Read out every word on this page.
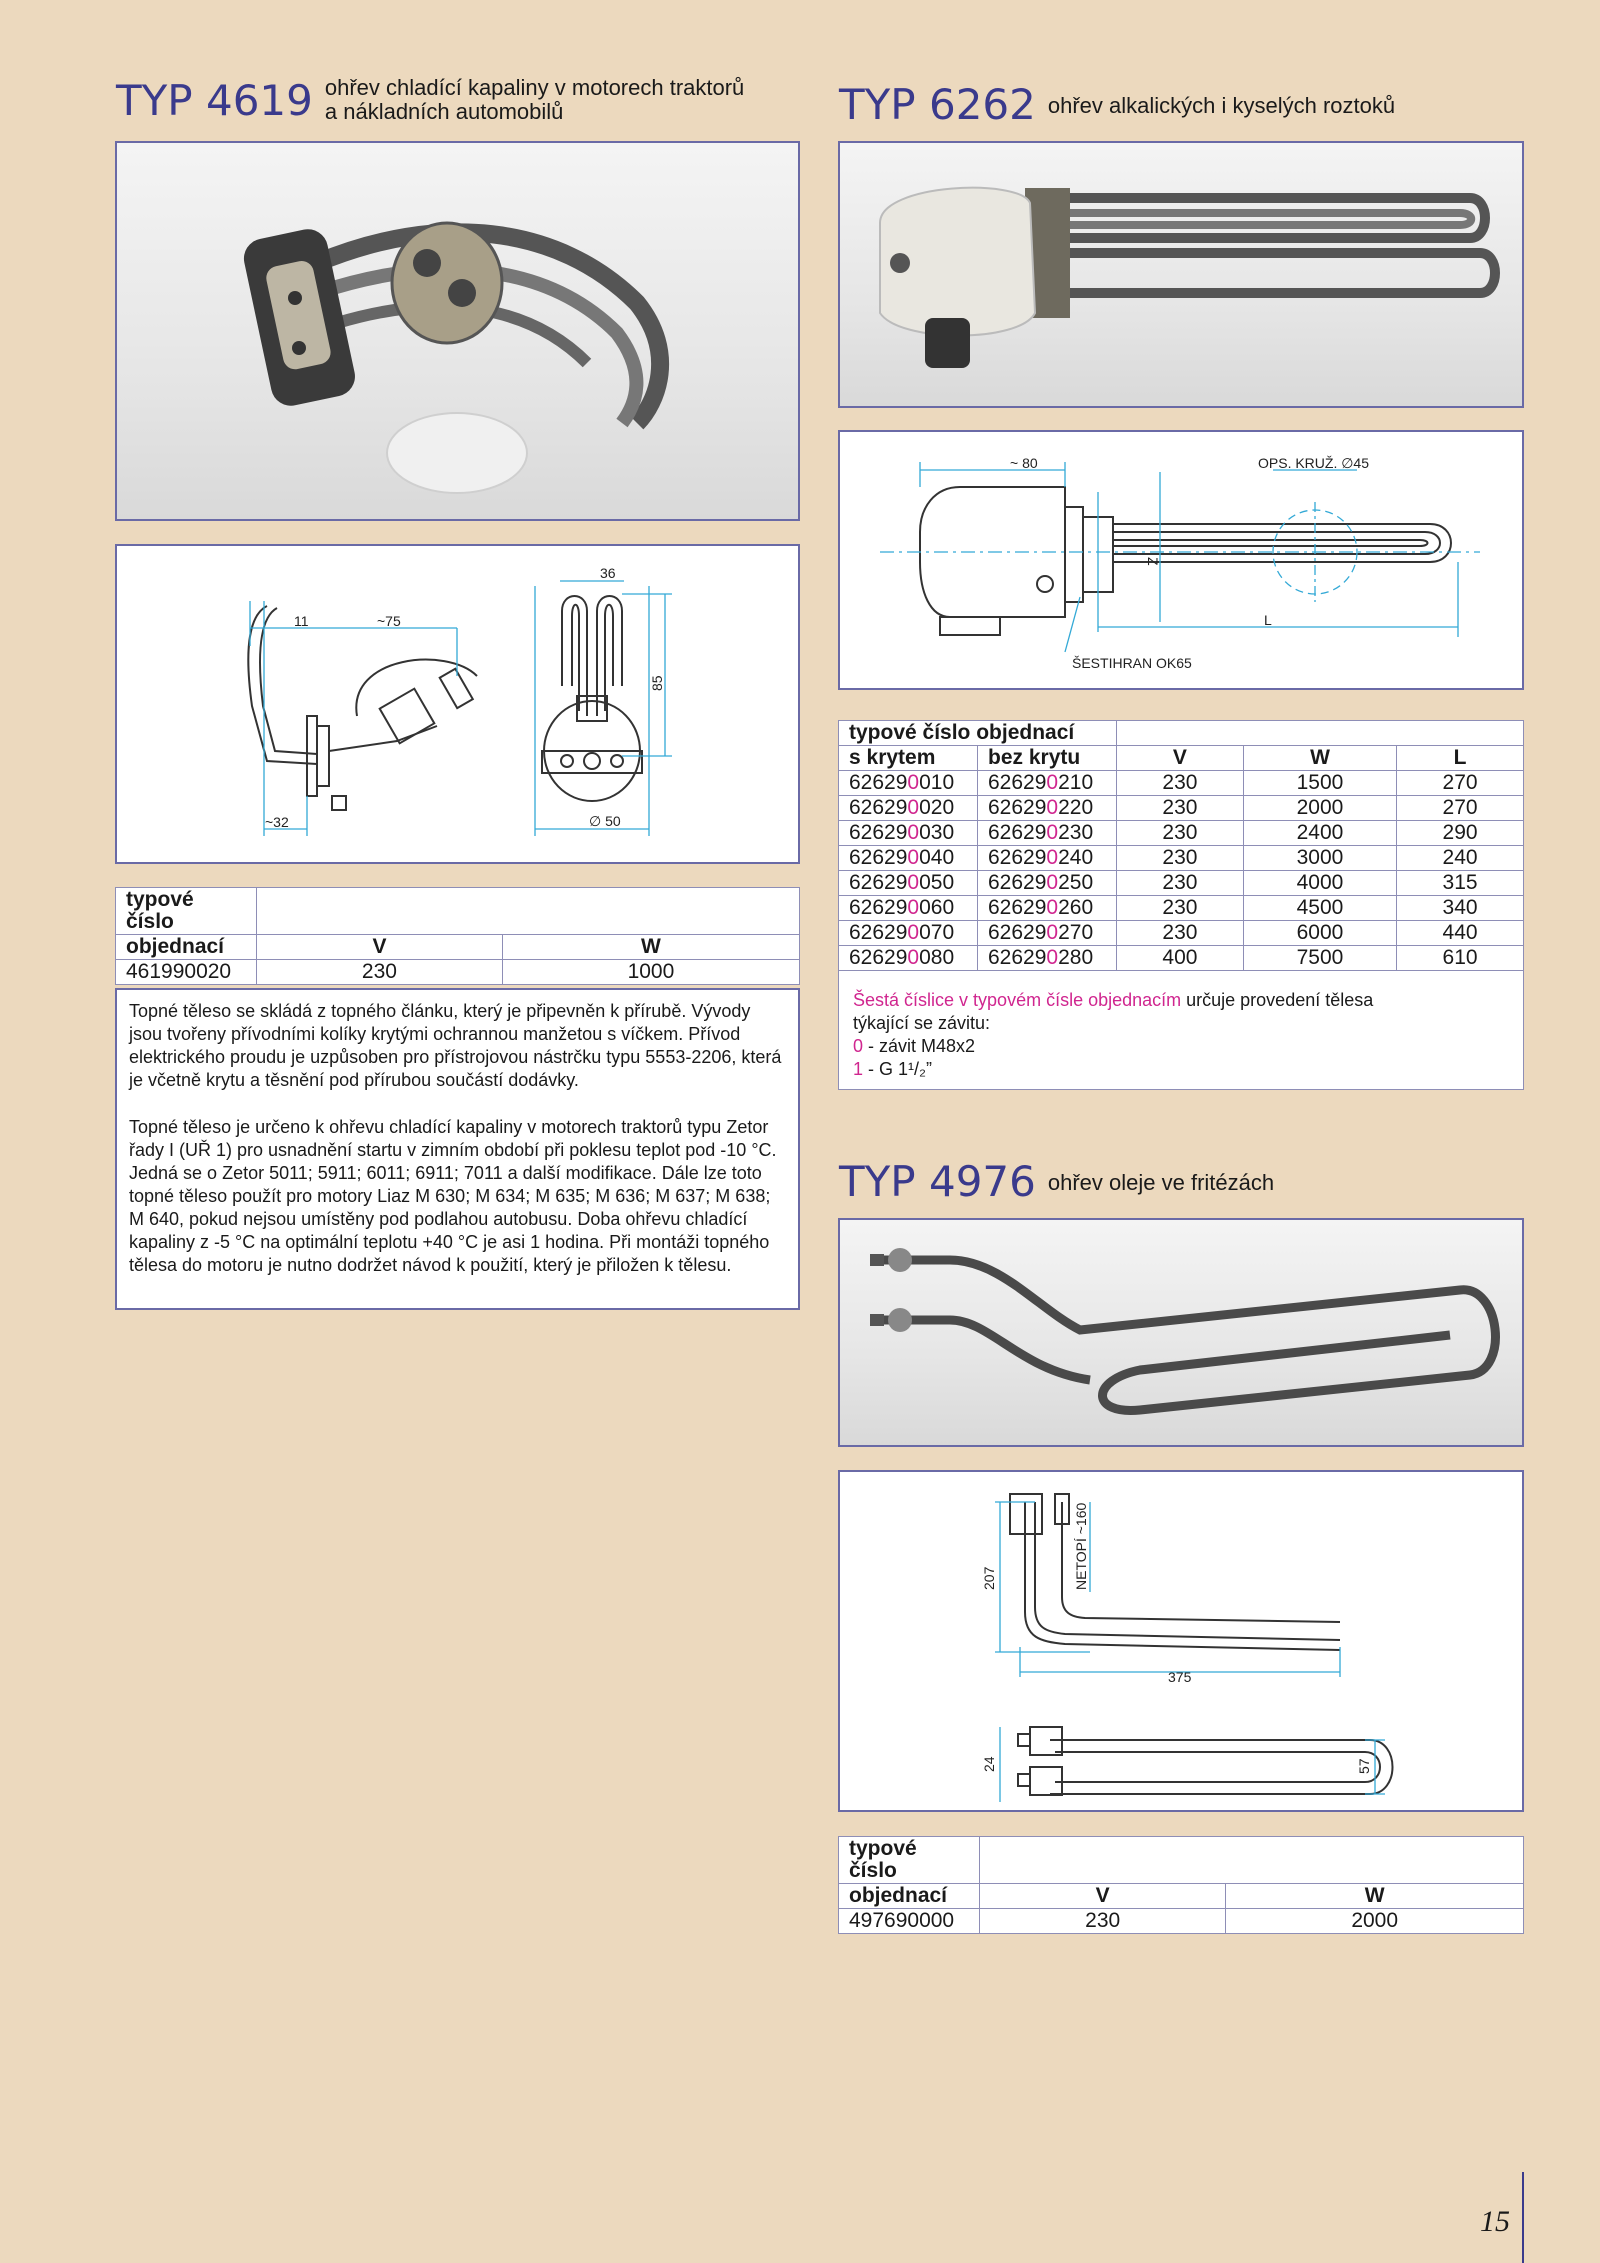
TYP 4619 ohřev chladící kapaliny v motorech traktorů
a nákladních automobilů
11	~75
~32
36
85
∅ 50
typové číslo		
objednací	V	W
461990020	230	1000

Topné těleso se skládá z topného článku, který je připevněn k přírubě. Vývody jsou tvořeny přívodními kolíky krytými ochrannou manžetou s víčkem. Přívod elektrického proudu je uzpůsoben pro přístrojovou nástrčku typu 5553-2206, která je včetně krytu a těsnění pod přírubou součástí dodávky.

Topné těleso je určeno k ohřevu chladící kapaliny v motorech traktorů typu Zetor řady I (UŘ 1) pro usnadnění startu v zimním období při poklesu teplot pod -10 °C. Jedná se o Zetor 5011; 5911; 6011; 6911; 7011 a další modifikace. Dále lze toto topné těleso použít pro motory Liaz M 630; M 634; M 635; M 636; M 637; M 638; M 640, pokud nejsou umístěny pod podlahou autobusu. Doba ohřevu chladící kapaliny z -5 °C na optimální teplotu +40 °C je asi 1 hodina. Při montáži topného tělesa do motoru je nutno dodržet návod k použití, který je přiložen k tělesu.

TYP 6262 ohřev alkalických i kyselých roztoků
~ 80	OPS. KRUŽ. ∅45
Z
L
ŠESTIHRAN OK65
typové číslo objednací				
s krytem	bez krytu	V	W	L
626290010	626290210	230	1500	270
626290020	626290220	230	2000	270
626290030	626290230	230	2400	290
626290040	626290240	230	3000	240
626290050	626290250	230	4000	315
626290060	626290260	230	4500	340
626290070	626290270	230	6000	440
626290080	626290280	400	7500	610
Šestá číslice v typovém čísle objednacím určuje provedení tělesa
týkající se závitu:
0 - závit M48x2
1 - G 1¹/₂”				
TYP 4976 ohřev oleje ve fritézách
207	NETOPÍ ~160
375
24	57
typové číslo		
objednací	V	W
497690000	230	2000
15
